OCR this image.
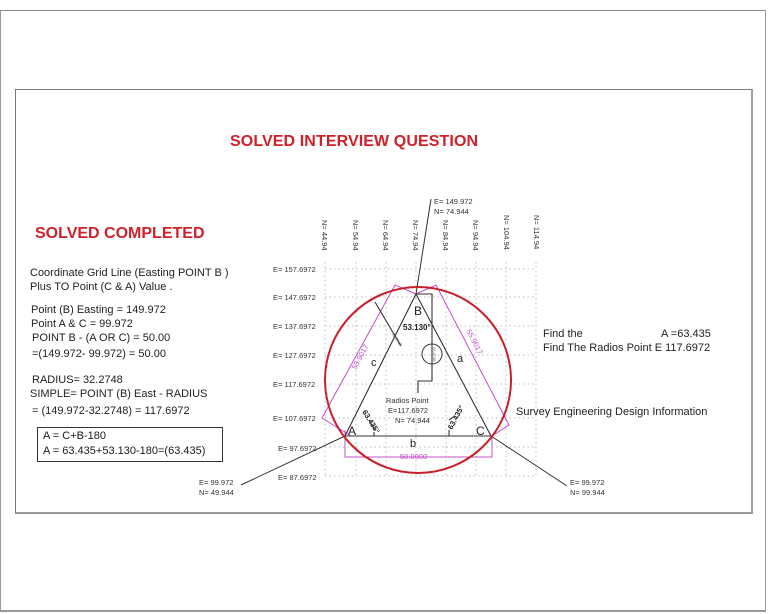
SOLVED INTERVIEW QUESTION
SOLVED COMPLETED
Coordinate Grid Line (Easting POINT B )
Plus TO Point (C & A) Value .
Point (B) Easting = 149.972
Point A & C = 99.972
POINT B - (A OR C) = 50.00
=(149.972- 99.972) = 50.00
RADIUS= 32.2748
SIMPLE= POINT (B) East - RADIUS
= (149.972-32.2748) = 117.6972
A = C+B-180
A = 63.435+53.130-180=(63.435)
Find the	A =63.435
Find The Radios Point E 117.6972
Survey Engineering Design Information
N= 44.94	N= 54.94	N= 64.94	N= 74.94	N= 84.94	N= 94.94	N= 104.94	N= 114.94
E= 157.6972
E= 147.6972
E= 137.6972
E= 127.6972
E= 117.6972
E= 107.6972
E= 97.6972
E= 87.6972
50.0000
55.9017
55.9017
B
A	C
c	a
b
53.130°
63.435°	63.435°
32.2748
32.2748
Radios Point
E=117.6972
N= 74.944
E= 149.972
N= 74.944
E= 99.972
N= 49.944
E= 99.972
N= 99.944
